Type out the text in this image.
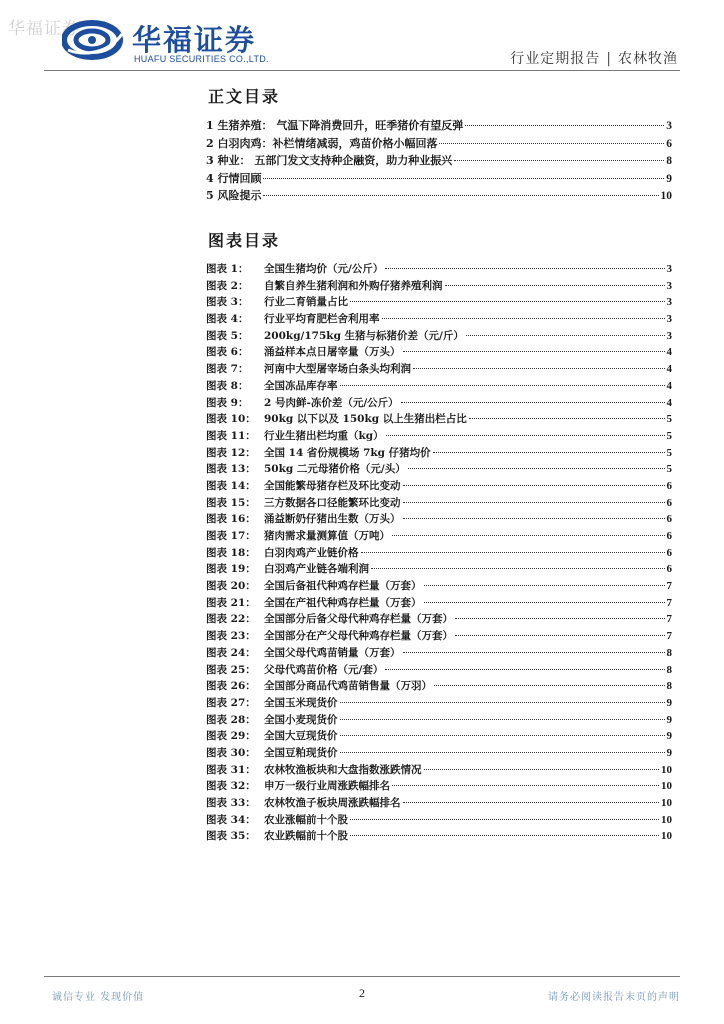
华福证券 华福证券
HUAFU SECURITIES CO.,LTD.	行业定期报告 | 农林牧渔
正文目录
1 生猪养殖： 气温下降消费回升，旺季猪价有望反弹	3
2 白羽肉鸡：补栏情绪减弱，鸡苗价格小幅回落	6
3 种业： 五部门发文支持种企融资，助力种业振兴	8
4 行情回顾	9
5 风险提示	10
图表目录
图表 1：	全国生猪均价（元/公斤）	3
图表 2：	自繁自养生猪利润和外购仔猪养殖利润	3
图表 3：	行业二育销量占比	3
图表 4：	行业平均育肥栏舍利用率	3
图表 5：	200kg/175kg 生猪与标猪价差（元/斤）	3
图表 6：	涌益样本点日屠宰量（万头）	4
图表 7：	河南中大型屠宰场白条头均利润	4
图表 8：	全国冻品库存率	4
图表 9：	2 号肉鲜-冻价差（元/公斤）	4
图表 10： 90kg 以下以及 150kg 以上生猪出栏占比	5
图表 11： 行业生猪出栏均重（kg）	5
图表 12： 全国 14 省份规模场 7kg 仔猪均价	5
图表 13： 50kg 二元母猪价格（元/头）	5
图表 14： 全国能繁母猪存栏及环比变动	6
图表 15： 三方数据各口径能繁环比变动	6
图表 16： 涌益断奶仔猪出生数（万头）	6
图表 17： 猪肉需求量测算值（万吨）	6
图表 18： 白羽肉鸡产业链价格	6
图表 19： 白羽鸡产业链各端利润	6
图表 20： 全国后备祖代种鸡存栏量（万套）	7
图表 21： 全国在产祖代种鸡存栏量（万套）	7
图表 22： 全国部分后备父母代种鸡存栏量（万套）	7
图表 23： 全国部分在产父母代种鸡存栏量（万套）	7
图表 24： 全国父母代鸡苗销量（万套）	8
图表 25： 父母代鸡苗价格（元/套）	8
图表 26： 全国部分商品代鸡苗销售量（万羽）	8
图表 27： 全国玉米现货价	9
图表 28： 全国小麦现货价	9
图表 29： 全国大豆现货价	9
图表 30： 全国豆粕现货价	9
图表 31： 农林牧渔板块和大盘指数涨跌情况	10
图表 32： 申万一级行业周涨跌幅排名	10
图表 33： 农林牧渔子板块周涨跌幅排名	10
图表 34： 农业涨幅前十个股	10
图表 35： 农业跌幅前十个股	10
诚信专业 发现价值	2	请务必阅读报告末页的声明
